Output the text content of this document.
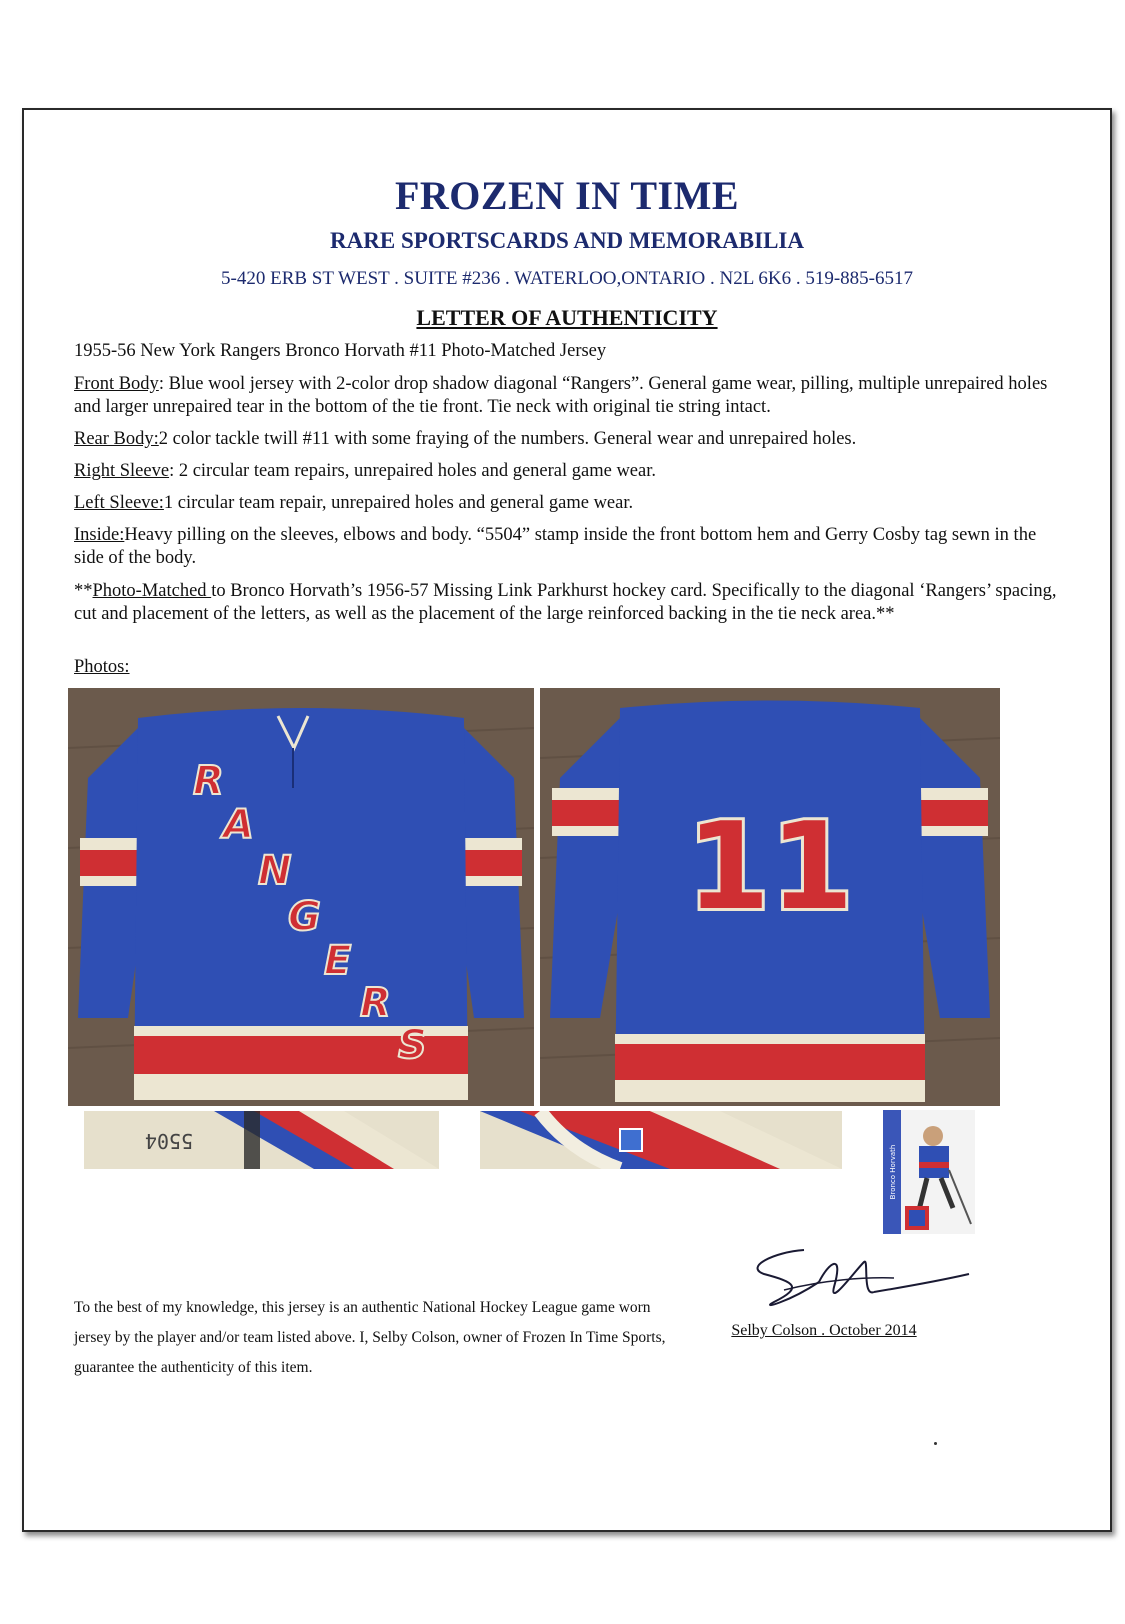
FROZEN IN TIME
RARE SPORTSCARDS AND MEMORABILIA
5-420 ERB ST WEST . SUITE #236 . WATERLOO,ONTARIO . N2L 6K6 . 519-885-6517
LETTER OF AUTHENTICITY
1955-56 New York Rangers Bronco Horvath #11 Photo-Matched Jersey
Front Body: Blue wool jersey with 2-color drop shadow diagonal “Rangers”. General game wear, pilling, multiple unrepaired holes and larger unrepaired tear in the bottom of the tie front. Tie neck with original tie string intact.
Rear Body:2 color tackle twill #11 with some fraying of the numbers. General wear and unrepaired holes.
Right Sleeve: 2 circular team repairs, unrepaired holes and general game wear.
Left Sleeve:1 circular team repair, unrepaired holes and general game wear.
Inside:Heavy pilling on the sleeves, elbows and body. “5504” stamp inside the front bottom hem and Gerry Cosby tag sewn in the side of the body.
**Photo-Matched to Bronco Horvath’s 1956-57 Missing Link Parkhurst hockey card. Specifically to the diagonal ‘Rangers’ spacing, cut and placement of the letters, as well as the placement of the large reinforced backing in the tie neck area.**
Photos:
R
A
N
G
E
R
S
11
5504
Bronco Horvath
To the best of my knowledge, this jersey is an authentic National Hockey League game worn jersey by the player and/or team listed above. I, Selby Colson, owner of Frozen In Time Sports, guarantee the authenticity of this item.
Selby Colson . October 2014
